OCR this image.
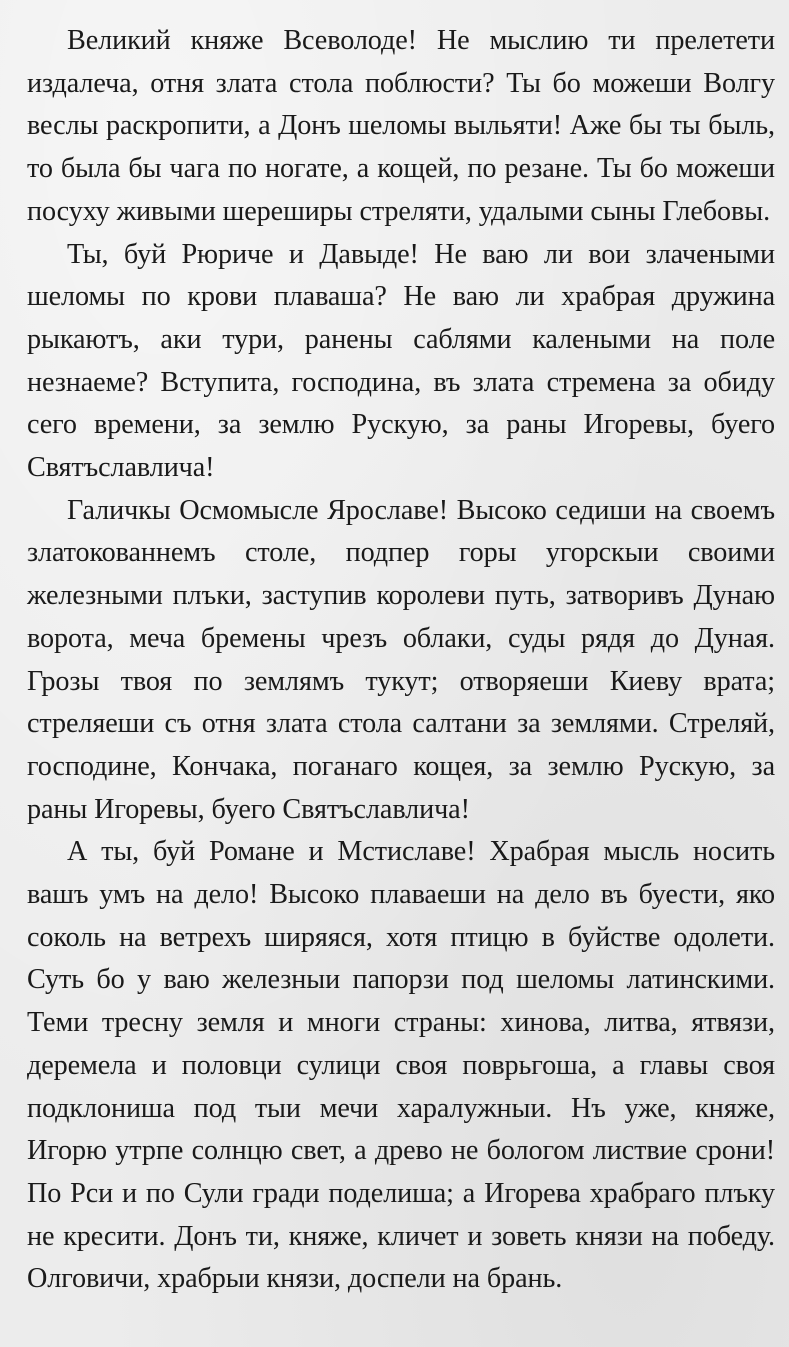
Великий княже Всеволоде! Не мыслию ти прелетети издалеча, отня злата стола поблюсти? Ты бо можеши Волгу веслы раскропити, а Донъ шеломы выльяти! Аже бы ты быль, то была бы чага по ногате, а кощей, по резане. Ты бо можеши посуху живыми шереширы стреляти, удалыми сыны Глебовы.

Ты, буй Рюриче и Давыде! Не ваю ли вои злачеными шеломы по крови плаваша? Не ваю ли храбрая дружина рыкаютъ, аки тури, ранены саблями калеными на поле незнаеме? Вступита, господина, въ злата стремена за обиду сего времени, за землю Рускую, за раны Игоревы, буего Святъславлича!

Галичкы Осмомысле Ярославе! Высоко седиши на своемъ златокованнемъ столе, подпер горы угорскыи своими железными плъки, заступив королеви путь, затворивъ Дунаю ворота, меча бремены чрезъ облаки, суды рядя до Дуная. Грозы твоя по землямъ тукут; отворяеши Киеву врата; стреляеши съ отня злата стола салтани за землями. Стреляй, господине, Кончака, поганаго кощея, за землю Рускую, за раны Игоревы, буего Святъславлича!

А ты, буй Романе и Мстиславе! Храбрая мысль носить вашъ умъ на дело! Высоко плаваеши на дело въ буести, яко соколь на ветрехъ ширяяся, хотя птицю в буйстве одолети. Суть бо у ваю железныи папорзи под шеломы латинскими. Теми тресну земля и многи страны: хинова, литва, ятвязи, деремела и половци сулици своя поврьгоша, а главы своя подклониша под тыи мечи харалужныи. Нъ уже, княже, Игорю утрпе солнцю свет, а древо не бологом листвие срони! По Рси и по Сули гради поделиша; а Игорева храбраго плъку не кресити. Донъ ти, княже, кличет и зоветь князи на победу. Олговичи, храбрыи князи, доспели на брань.
